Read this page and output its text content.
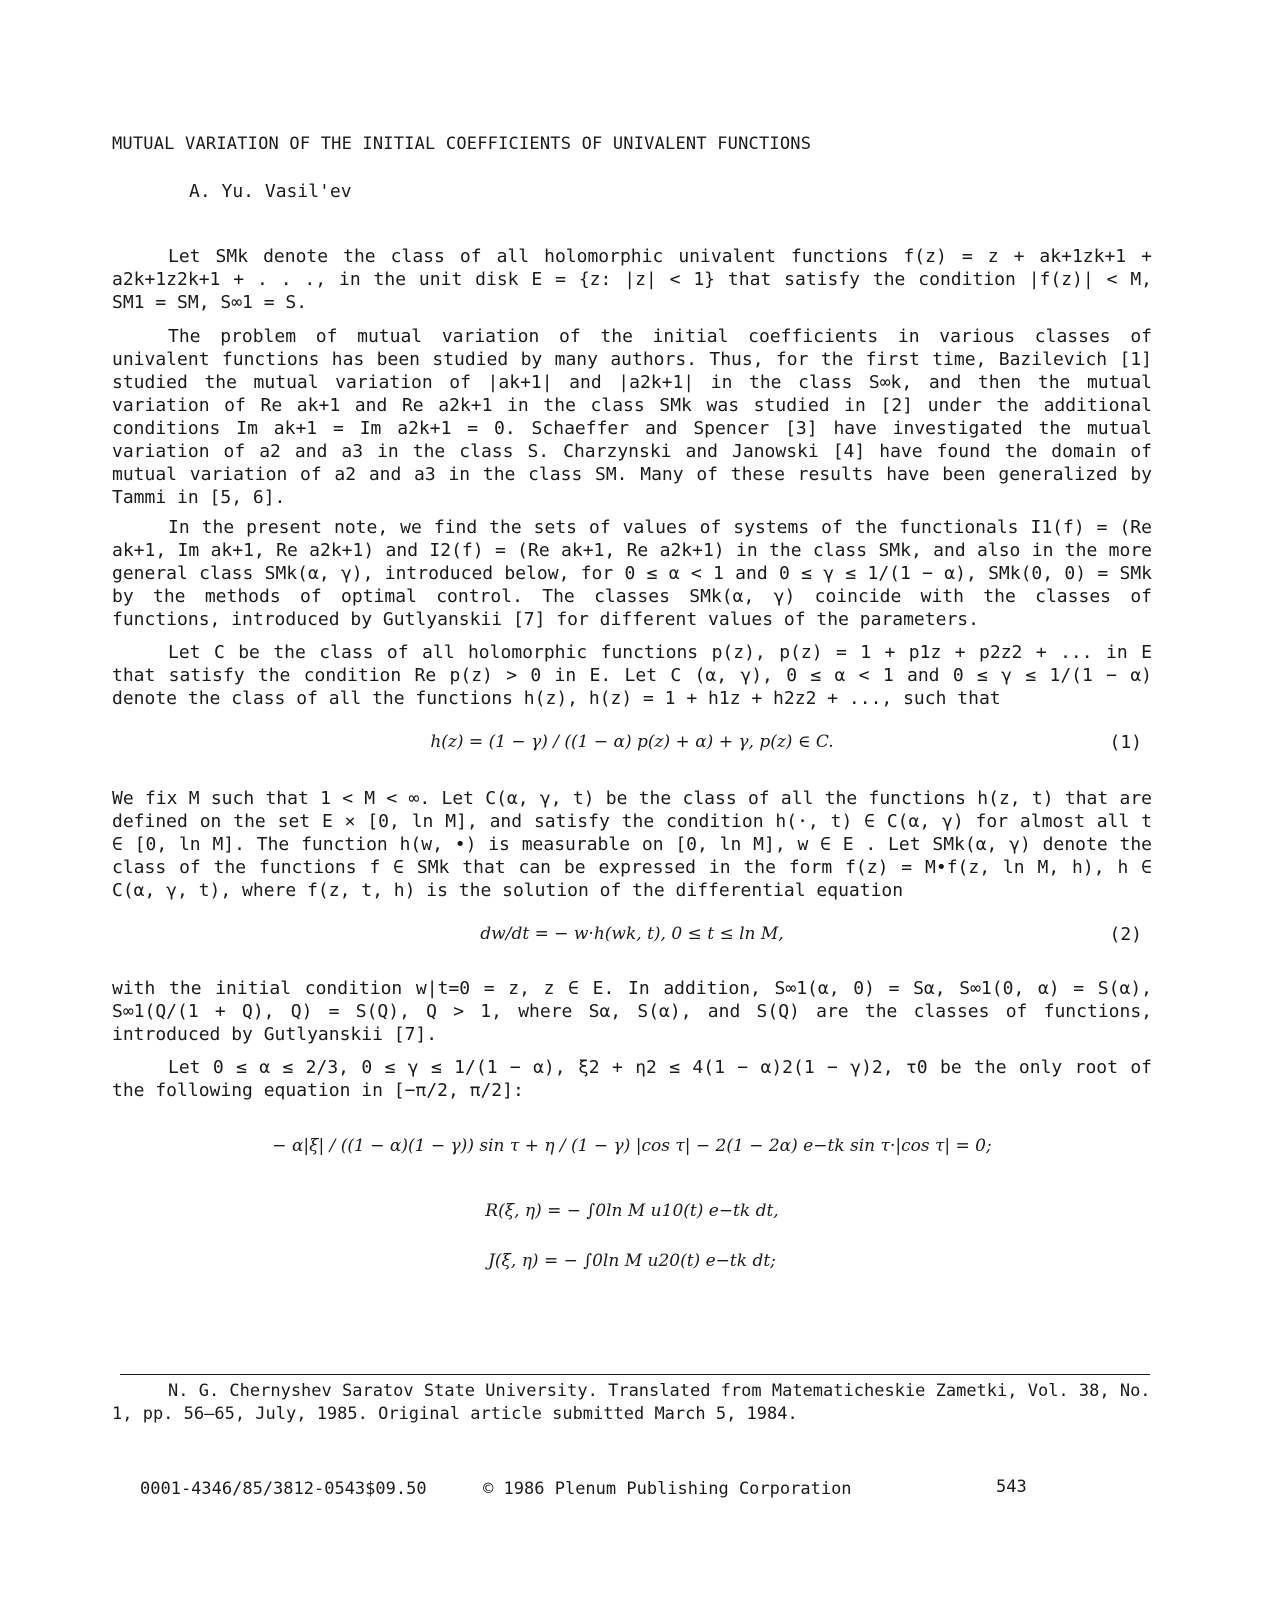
MUTUAL VARIATION OF THE INITIAL COEFFICIENTS OF UNIVALENT FUNCTIONS
A. Yu. Vasil'ev
Let SMk denote the class of all holomorphic univalent functions f(z) = z + ak+1zk+1 + a2k+1z2k+1 + . . ., in the unit disk E = {z: |z| < 1} that satisfy the condition |f(z)| < M, SM1 = SM, S∞1 = S.
The problem of mutual variation of the initial coefficients in various classes of univalent functions has been studied by many authors. Thus, for the first time, Bazilevich [1] studied the mutual variation of |ak+1| and |a2k+1| in the class S∞k, and then the mutual variation of Re ak+1 and Re a2k+1 in the class SMk was studied in [2] under the additional conditions Im ak+1 = Im a2k+1 = 0. Schaeffer and Spencer [3] have investigated the mutual variation of a2 and a3 in the class S. Charzynski and Janowski [4] have found the domain of mutual variation of a2 and a3 in the class SM. Many of these results have been generalized by Tammi in [5, 6].
In the present note, we find the sets of values of systems of the functionals I1(f) = (Re ak+1, Im ak+1, Re a2k+1) and I2(f) = (Re ak+1, Re a2k+1) in the class SMk, and also in the more general class SMk(α, γ), introduced below, for 0 ≤ α < 1 and 0 ≤ γ ≤ 1/(1 − α), SMk(0, 0) = SMk by the methods of optimal control. The classes SMk(α, γ) coincide with the classes of functions, introduced by Gutlyanskii [7] for different values of the parameters.
Let C be the class of all holomorphic functions p(z), p(z) = 1 + p1z + p2z2 + ... in E that satisfy the condition Re p(z) > 0 in E. Let C (α, γ), 0 ≤ α < 1 and 0 ≤ γ ≤ 1/(1 − α) denote the class of all the functions h(z), h(z) = 1 + h1z + h2z2 + ..., such that
h(z) = (1 − γ) / ((1 − α) p(z) + α) + γ, p(z) ∈ C.	(1)
We fix M such that 1 < M < ∞. Let C(α, γ, t) be the class of all the functions h(z, t) that are defined on the set E × [0, ln M], and satisfy the condition h(·, t) ∈ C(α, γ) for almost all t ∈ [0, ln M]. The function h(w, •) is measurable on [0, ln M], w ∈ E . Let SMk(α, γ) denote the class of the functions f ∈ SMk that can be expressed in the form f(z) = M•f(z, ln M, h), h ∈ C(α, γ, t), where f(z, t, h) is the solution of the differential equation
dw/dt = − w·h(wk, t), 0 ≤ t ≤ ln M,	(2)
with the initial condition w|t=0 = z, z ∈ E. In addition, S∞1(α, 0) = Sα, S∞1(0, α) = S(α), S∞1(Q/(1 + Q), Q) = S(Q), Q > 1, where Sα, S(α), and S(Q) are the classes of functions, introduced by Gutlyanskii [7].
Let 0 ≤ α ≤ 2/3, 0 ≤ γ ≤ 1/(1 − α), ξ2 + η2 ≤ 4(1 − α)2(1 − γ)2, τ0 be the only root of the following equation in [−π/2, π/2]:
− α|ξ| / ((1 − α)(1 − γ)) sin τ + η / (1 − γ) |cos τ| − 2(1 − 2α) e−tk sin τ·|cos τ| = 0;
R(ξ, η) = − ∫0ln M u10(t) e−tk dt,
J(ξ, η) = − ∫0ln M u20(t) e−tk dt;
N. G. Chernyshev Saratov State University. Translated from Matematicheskie Zametki, Vol. 38, No. 1, pp. 56–65, July, 1985. Original article submitted March 5, 1984.
0001-4346/85/3812-0543$09.50	© 1986 Plenum Publishing Corporation	543
